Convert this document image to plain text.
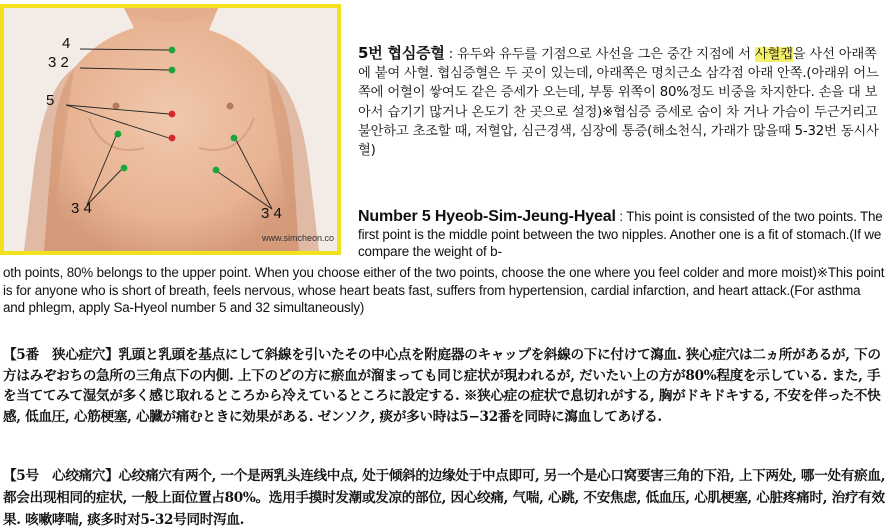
www.simcheon.co
4
3 2
5
3 4	3 4
5번 협심증혈 : 유두와 유두를 기점으로 사선을 그은 중간 지점에 서 사혈캡을 사선 아래쪽에 붙여 사혈. 협심증혈은 두 곳이 있는데, 아래쪽은 명치근소 삼각점 아래 안쪽.(아래위 어느쪽에 어혈이 쌓여도 같은 증세가 오는데, 부통 위쪽이 80%정도 비중을 차지한다. 손을 대 보아서 습기기 많거나 온도기 찬 곳으로 설정)※협심증 증세로 숨이 차 거나 가슴이 두근거리고 불안하고 초조할 때, 저혈압, 심근경색, 심장에 통증(해소천식, 가래가 많을때 5-32번 동시사혈)
Number 5 Hyeob-Sim-Jeung-Hyeal : This point is consisted of the two points. The first point is the middle point between the two nipples. Another one is a fit of stomach.(If we compare the weight of b-
oth points, 80% belongs to the upper point. When you choose either of the two points, choose the one where you feel colder and more moist)※This point is for anyone who is short of breath, feels nervous, whose heart beats fast, suffers from hypertension, cardial infarction, and heart attack.(For asthma and phlegm, apply Sa-Hyeol number 5 and 32 simultaneously)
【5番　狭心症穴】乳頭と乳頭を基点にして斜線を引いたその中心点を附庭器のキャップを斜線の下に付けて瀉血. 狭心症穴は二ヵ所があるが, 下の方はみぞおちの急所の三角点下の内側. 上下のどの方に瘀血が溜まっても同じ症状が現われるが, だいたい上の方が80%程度を示している. また, 手を当ててみて湿気が多く感じ取れるところから冷えているところに設定する. ※狭心症の症状で息切れがする, 胸がドキドキする, 不安を伴った不快感, 低血圧, 心筋梗塞, 心臓が痛むときに効果がある. ゼンソク, 痰が多い時は5−32番を同時に瀉血してあげる.
【5号　心绞痛穴】心绞痛穴有两个, 一个是两乳头连线中点, 处于倾斜的边缘处于中点即可, 另一个是心口窝要害三角的下沿, 上下两处, 哪一处有瘀血, 都会出现相同的症状, 一般上面位置占80%。选用手摸时发潮或发凉的部位, 因心绞痛, 气喘, 心跳, 不安焦虑, 低血压, 心肌梗塞, 心脏疼痛时, 治疗有效果. 咳嗽哮喘, 痰多时对5-32号同时泻血.
